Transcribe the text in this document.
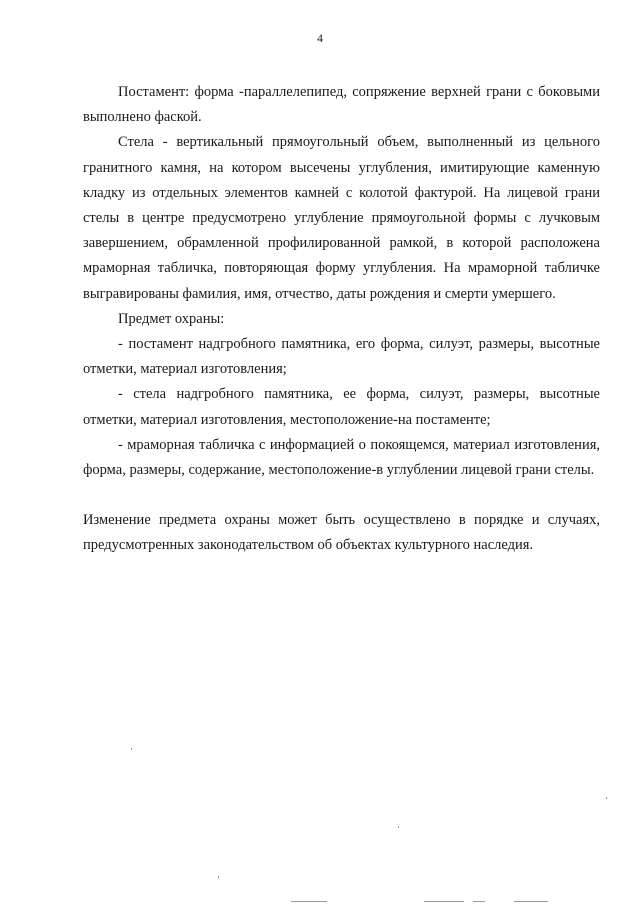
4

Постамент: форма -параллелепипед, сопряжение верхней грани с боковыми выполнено фаской.

Стела - вертикальный прямоугольный объем, выполненный из цельного гранитного камня, на котором высечены углубления, имитирующие каменную кладку из отдельных элементов камней с колотой фактурой. На лицевой грани стелы в центре предусмотрено углубление прямоугольной формы с лучковым завершением, обрамленной профилированной рамкой, в которой расположена мраморная табличка, повторяющая форму углубления. На мраморной табличке выгравированы фамилия, имя, отчество, даты рождения и смерти умершего.

Предмет охраны:

- постамент надгробного памятника, его форма, силуэт, размеры, высотные отметки, материал изготовления;

- стела надгробного памятника, ее форма, силуэт, размеры, высотные отметки, материал изготовления, местоположение-на постаменте;

- мраморная табличка с информацией о покоящемся, материал изготовления, форма, размеры, содержание, местоположение-в углублении лицевой грани стелы.

Изменение предмета охраны может быть осуществлено в порядке и случаях, предусмотренных законодательством об объектах культурного наследия.
